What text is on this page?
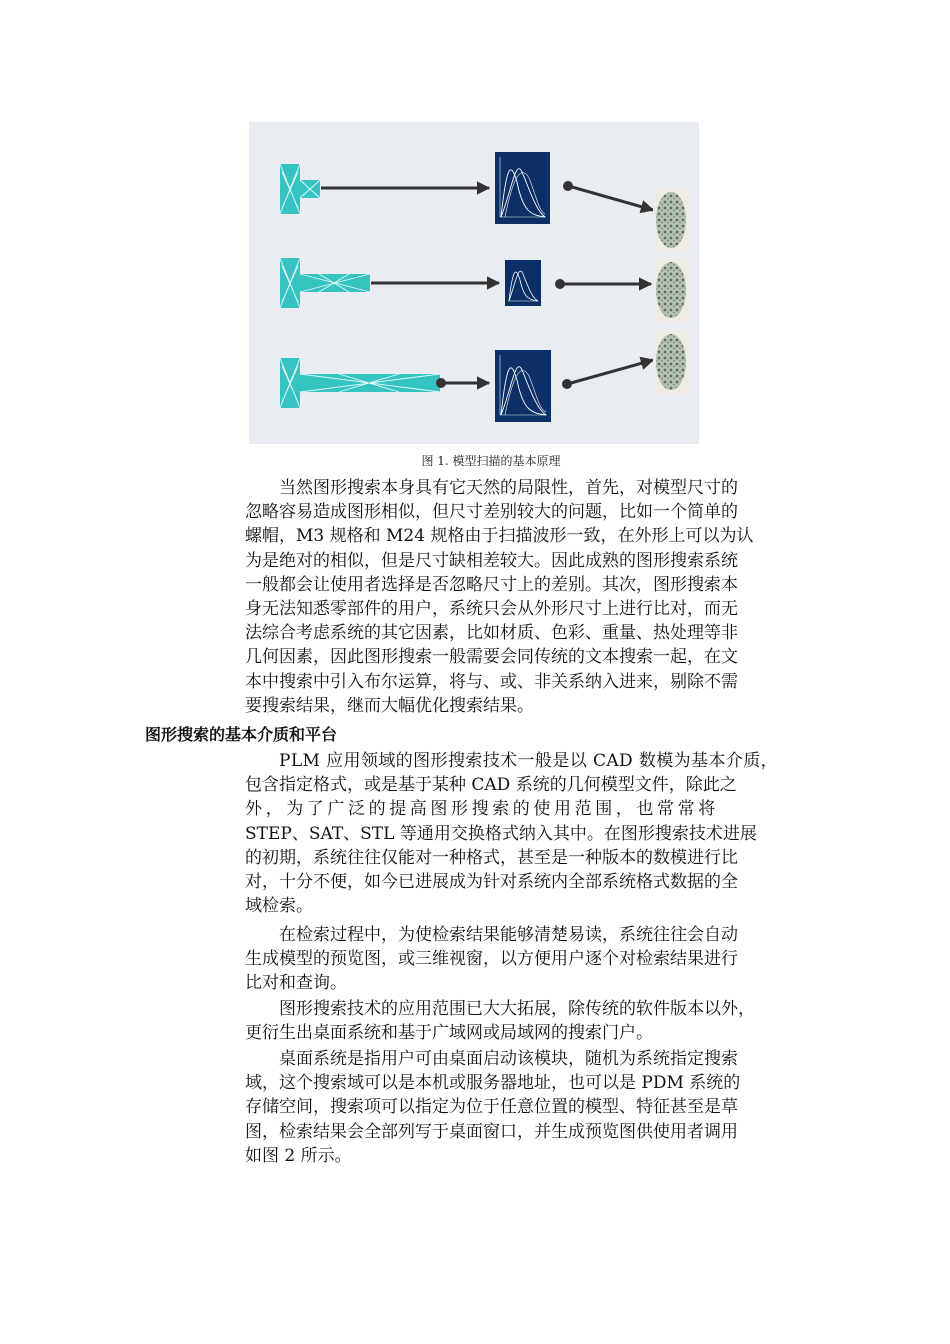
图 1. 模型扫描的基本原理
当然图形搜索本身具有它天然的局限性，首先，对模型尺寸的
忽略容易造成图形相似，但尺寸差别较大的问题，比如一个简单的
螺帽，M3 规格和 M24 规格由于扫描波形一致，在外形上可以为认
为是绝对的相似，但是尺寸缺相差较大。因此成熟的图形搜索系统
一般都会让使用者选择是否忽略尺寸上的差别。其次，图形搜索本
身无法知悉零部件的用户，系统只会从外形尺寸上进行比对，而无
法综合考虑系统的其它因素，比如材质、色彩、重量、热处理等非
几何因素，因此图形搜索一般需要会同传统的文本搜索一起，在文
本中搜索中引入布尔运算，将与、或、非关系纳入进来，剔除不需
要搜索结果，继而大幅优化搜索结果。
图形搜索的基本介质和平台
PLM 应用领域的图形搜索技术一般是以 CAD 数模为基本介质，
包含指定格式，或是基于某种 CAD 系统的几何模型文件，除此之
外，为了广泛的提高图形搜索的使用范围，也常常将
STEP、SAT、STL 等通用交换格式纳入其中。在图形搜索技术进展
的初期，系统往往仅能对一种格式，甚至是一种版本的数模进行比
对，十分不便，如今已进展成为针对系统内全部系统格式数据的全
域检索。
在检索过程中，为使检索结果能够清楚易读，系统往往会自动
生成模型的预览图，或三维视窗，以方便用户逐个对检索结果进行
比对和查询。
图形搜索技术的应用范围已大大拓展，除传统的软件版本以外，
更衍生出桌面系统和基于广域网或局域网的搜索门户。
桌面系统是指用户可由桌面启动该模块，随机为系统指定搜索
域，这个搜索域可以是本机或服务器地址，也可以是 PDM 系统的
存储空间，搜索项可以指定为位于任意位置的模型、特征甚至是草
图，检索结果会全部列写于桌面窗口，并生成预览图供使用者调用
如图 2 所示。
